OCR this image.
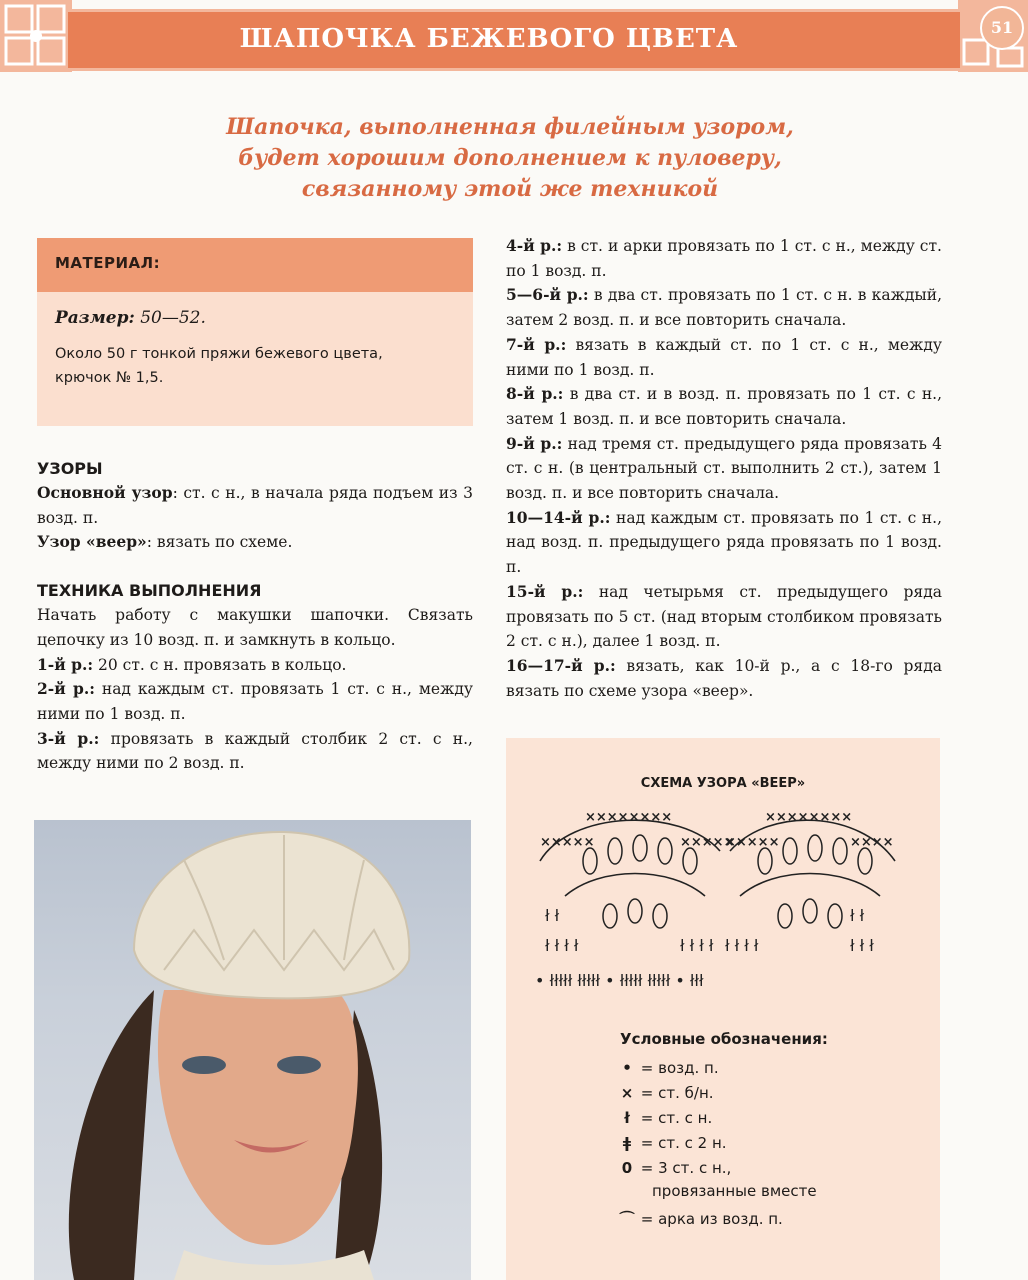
ШАПОЧКА БЕЖЕВОГО ЦВЕТА	51
Шапочка, выполненная филейным узором,
будет хорошим дополнением к пуловеру,
связанному этой же техникой
МАТЕРИАЛ:
Размер: 50—52.
Около 50 г тонкой пряжи бежевого цвета,
крючок № 1,5.
УЗОРЫ

Основной узор: ст. с н., в начала ряда подъем из 3 возд. п.

Узор «веер»: вязать по схеме.

ТЕХНИКА ВЫПОЛНЕНИЯ

Начать работу с макушки шапочки. Связать цепочку из 10 возд. п. и замкнуть в кольцо.

1-й р.: 20 ст. с н. провязать в кольцо.

2-й р.: над каждым ст. провязать 1 ст. с н., между ними по 1 возд. п.

3-й р.: провязать в каждый столбик 2 ст. с н., между ними по 2 возд. п.

4-й р.: в ст. и арки провязать по 1 ст. с н., между ст. по 1 возд. п.

5—6-й р.: в два ст. провязать по 1 ст. с н. в каждый, затем 2 возд. п. и все повторить сначала.

7-й р.: вязать в каждый ст. по 1 ст. с н., между ними по 1 возд. п.

8-й р.: в два ст. и в возд. п. провязать по 1 ст. с н., затем 1 возд. п. и все повторить сначала.

9-й р.: над тремя ст. предыдущего ряда провязать 4 ст. с н. (в центральный ст. выполнить 2 ст.), затем 1 возд. п. и все повторить сначала.

10—14-й р.: над каждым ст. провязать по 1 ст. с н., над возд. п. предыдущего ряда провязать по 1 возд. п.

15-й р.: над четырьмя ст. предыдущего ряда провязать по 5 ст. (над вторым столбиком провязать 2 ст. с н.), далее 1 возд. п.

16—17-й р.: вязать, как 10-й р., а с 18-го ряда вязать по схеме узора «веер».

СХЕМА УЗОРА «ВЕЕР»
×××××
××××××××
×××××
×××××
××××××××
××××
ł ł
ł ł ł ł	ł ł ł ł ł ł ł ł
ł ł
ł ł ł
• łłłłł łłłłł • łłłłł łłłłł • łłł
Условные обозначения:
• = возд. п.
× = ст. б/н.
ł = ст. с н.
ǂ = ст. с 2 н.
0 = 3 ст. с н.,
провязанные вместе
⌒ = арка из возд. п.
